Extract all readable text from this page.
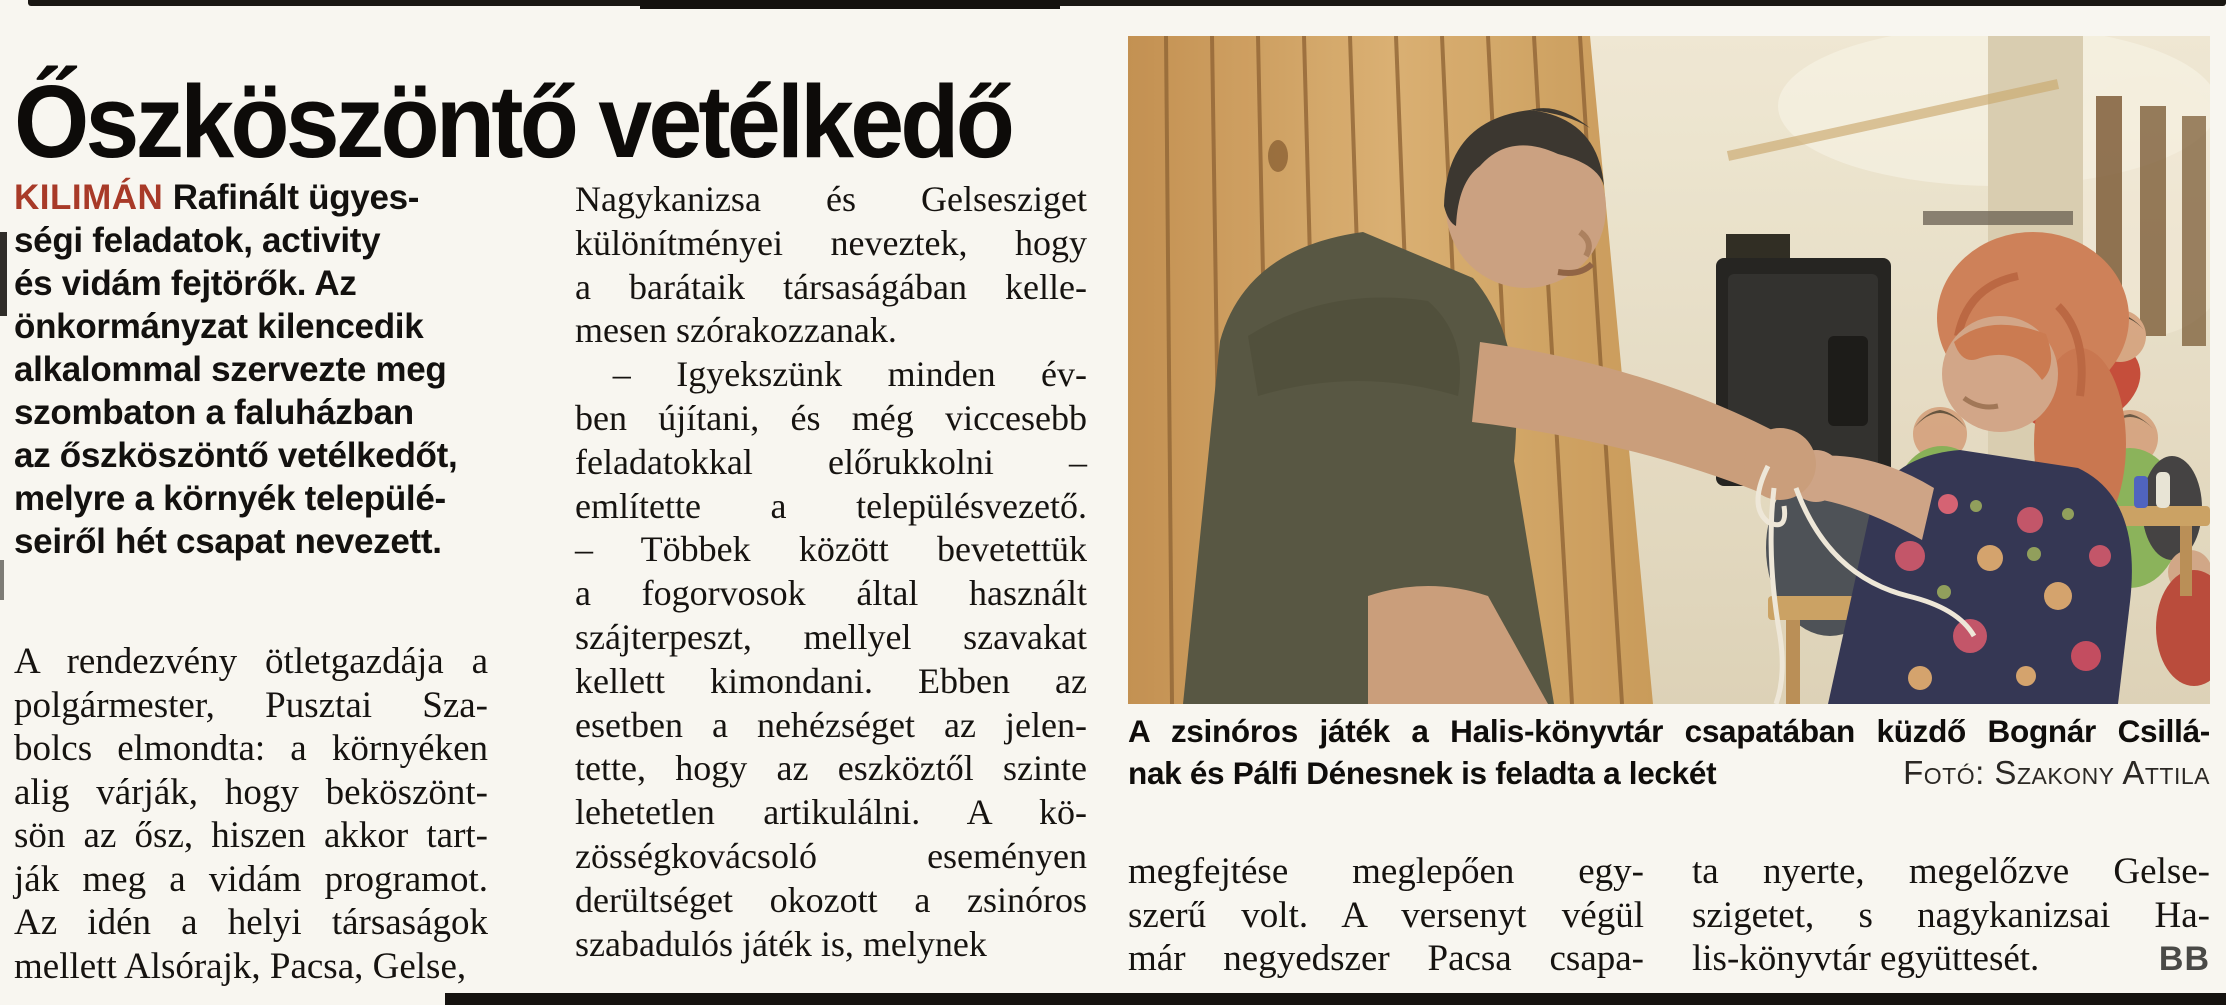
Őszköszöntő vetélkedő
KILIMÁN Rafinált ügyes-
ségi feladatok, activity
és vidám fejtörők. Az
önkormányzat kilencedik
alkalommal szervezte meg
szombaton a faluházban
az őszköszöntő vetélkedőt,
melyre a környék települé-
seiről hét csapat nevezett.
A rendezvény ötletgazdája a
polgármester, Pusztai Sza-
bolcs elmondta: a környéken
alig várják, hogy beköszönt-
sön az ősz, hiszen akkor tart-
ják meg a vidám programot.
Az idén a helyi társaságok
mellett Alsórajk, Pacsa, Gelse,
Nagykanizsa és Gelsesziget
különítményei neveztek, hogy
a barátaik társaságában kelle-
mesen szórakozzanak.
– Igyekszünk minden év-
ben újítani, és még viccesebb
feladatokkal előrukkolni –
említette a településvezető.
– Többek között bevetettük
a fogorvosok által használt
szájterpeszt, mellyel szavakat
kellett kimondani. Ebben az
esetben a nehézséget az jelen-
tette, hogy az eszköztől szinte
lehetetlen artikulálni. A kö-
zösségkovácsoló eseményen
derültséget okozott a zsinóros
szabadulós játék is, melynek
A zsinóros játék a Halis-könyvtár csapatában küzdő Bognár Csillá-
nak és Pálfi Dénesnek is feladta a leckét	Fotó: Szakony Attila
megfejtése meglepően egy-
szerű volt. A versenyt végül
már negyedszer Pacsa csapa-
ta nyerte, megelőzve Gelse-
szigetet, s nagykanizsai Ha-
lis-könyvtár együttesét.	BB
